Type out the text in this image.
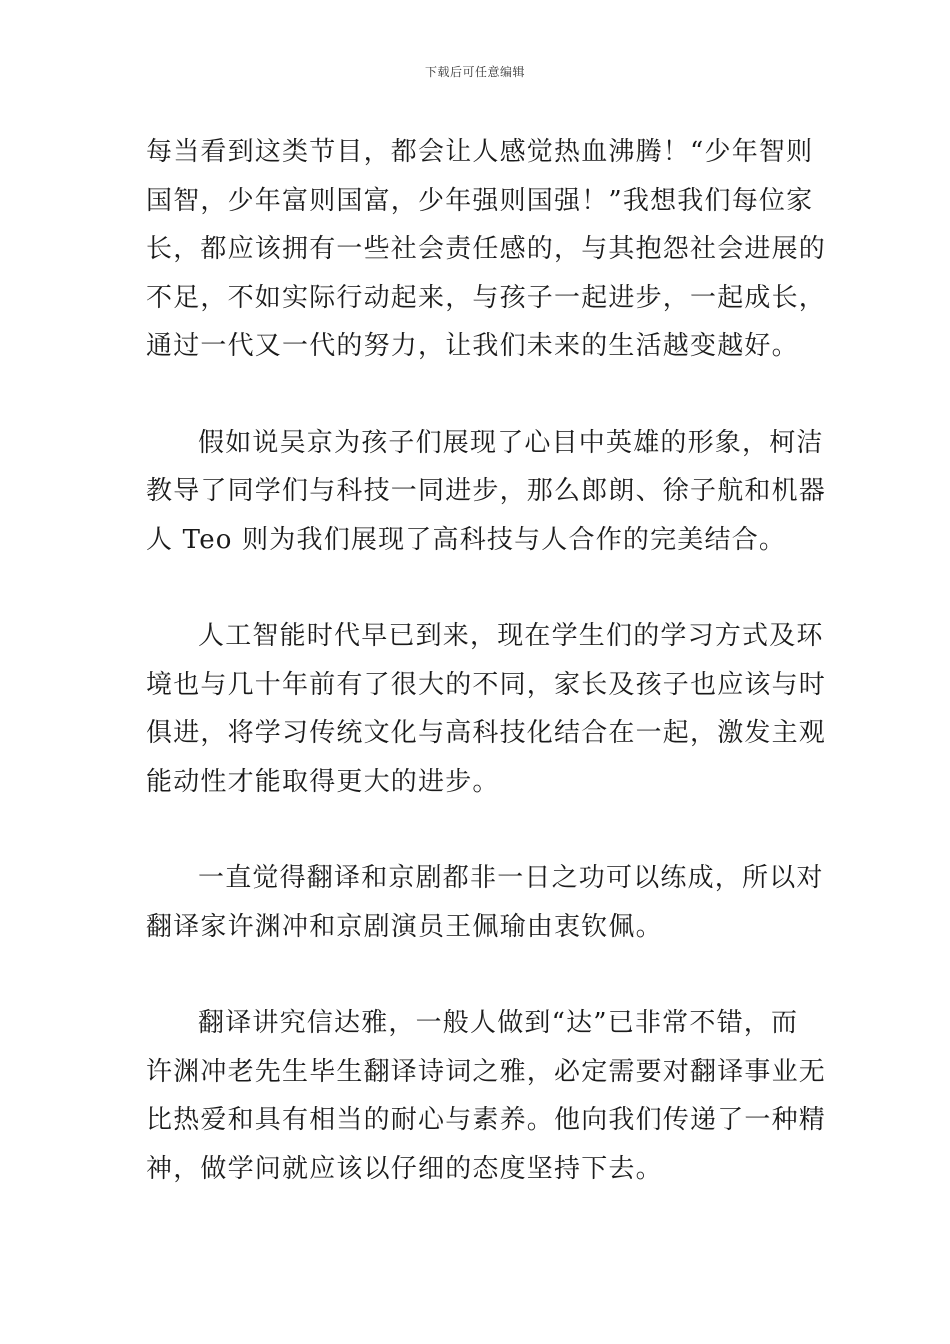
下载后可任意编辑

每当看到这类节目，都会让人感觉热血沸腾！“少年智则
国智，少年富则国富，少年强则国强！”我想我们每位家
长，都应该拥有一些社会责任感的，与其抱怨社会进展的
不足，不如实际行动起来，与孩子一起进步，一起成长，
通过一代又一代的努力，让我们未来的生活越变越好。

假如说吴京为孩子们展现了心目中英雄的形象，柯洁
教导了同学们与科技一同进步，那么郎朗、徐子航和机器
人 Teo 则为我们展现了高科技与人合作的完美结合。

人工智能时代早已到来，现在学生们的学习方式及环
境也与几十年前有了很大的不同，家长及孩子也应该与时
俱进，将学习传统文化与高科技化结合在一起，激发主观
能动性才能取得更大的进步。

一直觉得翻译和京剧都非一日之功可以练成，所以对
翻译家许渊冲和京剧演员王佩瑜由衷钦佩。

翻译讲究信达雅，一般人做到“达”已非常不错，而
许渊冲老先生毕生翻译诗词之雅，必定需要对翻译事业无
比热爱和具有相当的耐心与素养。他向我们传递了一种精
神，做学问就应该以仔细的态度坚持下去。
